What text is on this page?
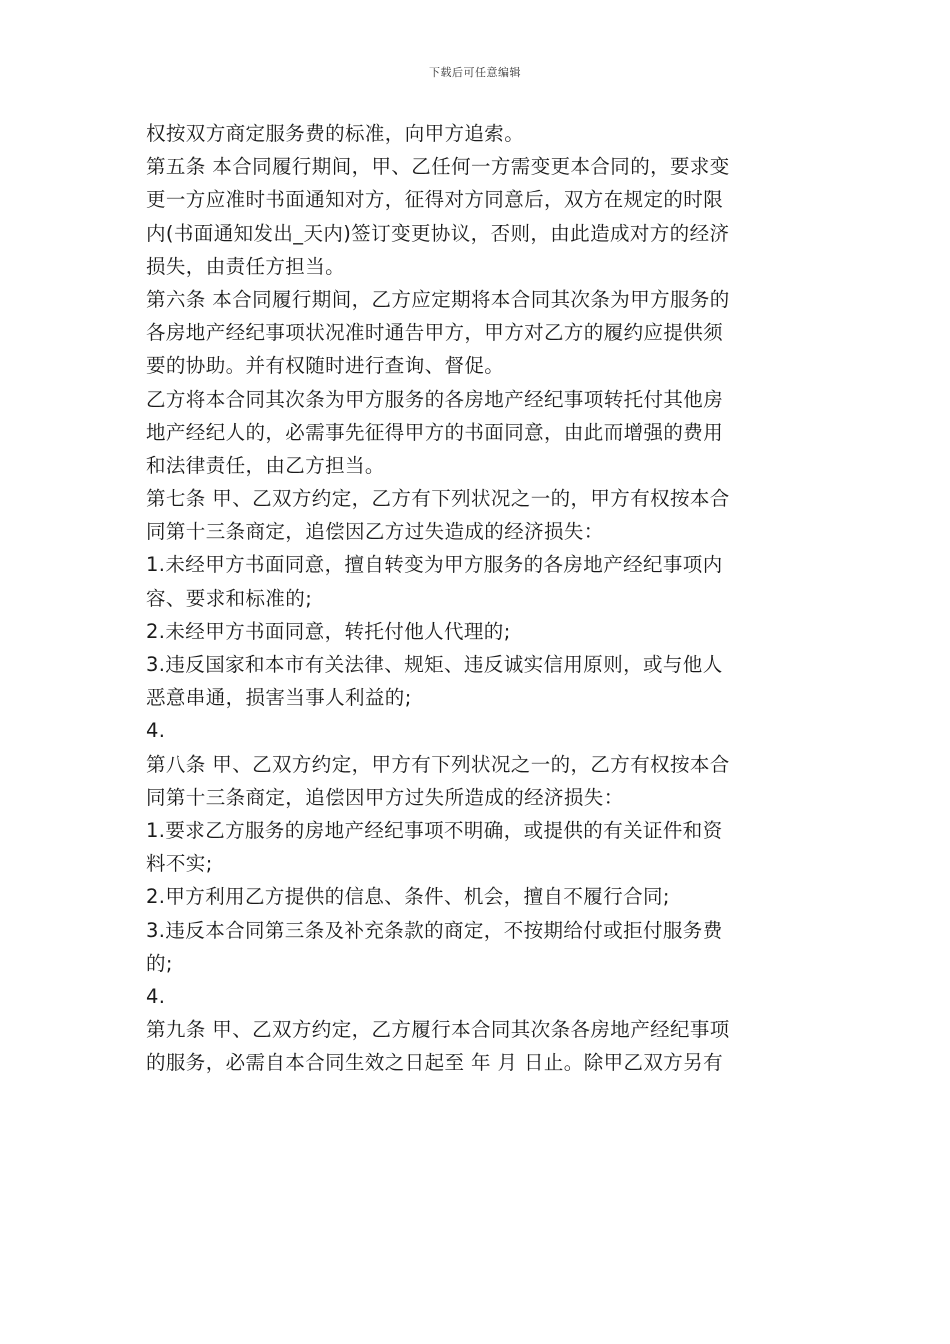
下载后可任意编辑
权按双方商定服务费的标准，向甲方追索。
第五条 本合同履行期间，甲、乙任何一方需变更本合同的，要求变
更一方应准时书面通知对方，征得对方同意后，双方在规定的时限
内(书面通知发出_天内)签订变更协议，否则，由此造成对方的经济
损失，由责任方担当。
第六条 本合同履行期间，乙方应定期将本合同其次条为甲方服务的
各房地产经纪事项状况准时通告甲方，甲方对乙方的履约应提供须
要的协助。并有权随时进行查询、督促。
乙方将本合同其次条为甲方服务的各房地产经纪事项转托付其他房
地产经纪人的，必需事先征得甲方的书面同意，由此而增强的费用
和法律责任，由乙方担当。
第七条 甲、乙双方约定，乙方有下列状况之一的，甲方有权按本合
同第十三条商定，追偿因乙方过失造成的经济损失：
1.未经甲方书面同意，擅自转变为甲方服务的各房地产经纪事项内
容、要求和标准的;
2.未经甲方书面同意，转托付他人代理的;
3.违反国家和本市有关法律、规矩、违反诚实信用原则，或与他人
恶意串通，损害当事人利益的;
4.
第八条 甲、乙双方约定，甲方有下列状况之一的，乙方有权按本合
同第十三条商定，追偿因甲方过失所造成的经济损失：
1.要求乙方服务的房地产经纪事项不明确，或提供的有关证件和资
料不实;
2.甲方利用乙方提供的信息、条件、机会，擅自不履行合同;
3.违反本合同第三条及补充条款的商定，不按期给付或拒付服务费
的;
4.
第九条 甲、乙双方约定，乙方履行本合同其次条各房地产经纪事项
的服务，必需自本合同生效之日起至 年 月 日止。除甲乙双方另有
